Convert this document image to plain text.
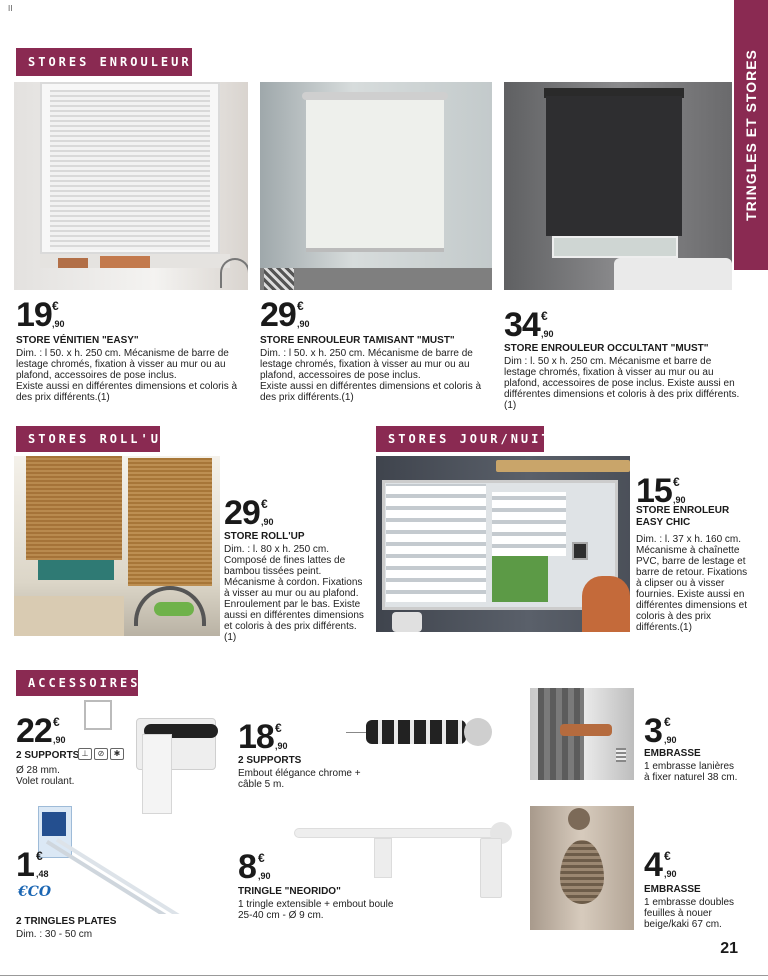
II
TRINGLES ET STORES
STORES ENROULEURS
19 €
,90
STORE VÉNITIEN "EASY"
Dim. : l 50. x h. 250 cm. Mécanisme de barre de lestage chromés, fixation à visser au mur ou au plafond, accessoires de pose inclus.
Existe aussi en différentes dimensions et coloris à des prix différents.(1)
29 €
,90
STORE ENROULEUR TAMISANT "MUST"
Dim. : l 50. x h. 250 cm. Mécanisme de barre de lestage chromés, fixation à visser au mur ou au plafond, accessoires de pose inclus.
Existe aussi en différentes dimensions et coloris à des prix différents.(1)
34 €
,90
STORE ENROULEUR OCCULTANT "MUST"
Dim : l. 50 x h. 250 cm. Mécanisme et barre de lestage chromés, fixation à visser au mur ou au plafond, accessoires de pose inclus. Existe aussi en différentes dimensions et coloris à des prix différents.(1)
STORES ROLL'UP
29 €
,90
STORE ROLL'UP
Dim. : l. 80 x h. 250 cm.
Composé de fines lattes de bambou tissées peint.
Mécanisme à cordon. Fixations à visser au mur ou au plafond.
Enroulement par le bas. Existe aussi en différentes dimensions et coloris à des prix différents.(1)
STORES JOUR/NUIT
15 €
,90
STORE ENROLEUR
EASY CHIC
Dim. : l. 37 x h. 160 cm.
Mécanisme à chaînette PVC, barre de lestage et barre de retour. Fixations à clipser ou à visser fournies. Existe aussi en différentes dimensions et coloris à des prix différents.(1)
ACCESSOIRES
22 €
,90
2 SUPPORTS ⊥	⊘	✱
Ø 28 mm.
Volet roulant.
18 €
,90
2 SUPPORTS
Embout élégance chrome +
câble 5 m.
3 €
,90
EMBRASSE
1 embrasse lanières
à fixer naturel 38 cm.
1 €
,48
€CO
2 TRINGLES PLATES
Dim. : 30 - 50 cm
8 €
,90
TRINGLE "NEORIDO"
1 tringle extensible + embout boule
25-40 cm - Ø 9 cm.
4 €
,90
EMBRASSE
1 embrasse doubles
feuilles à nouer
beige/kaki 67 cm.
21
